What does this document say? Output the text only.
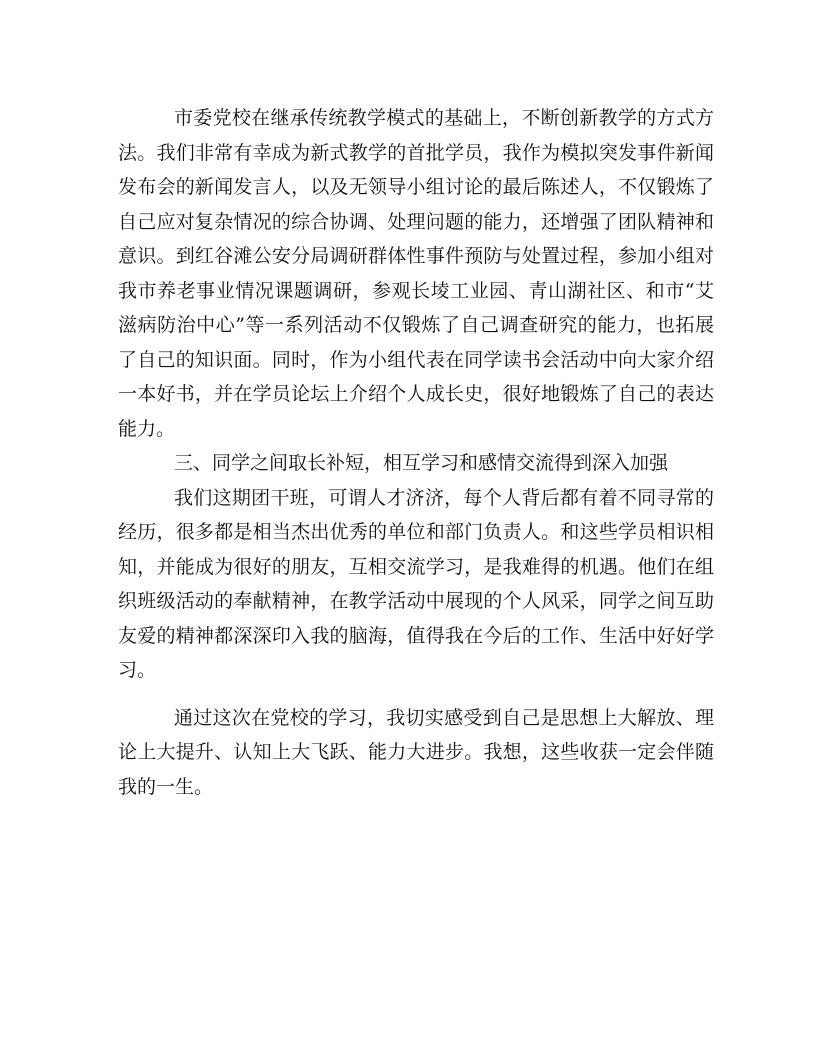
市委党校在继承传统教学模式的基础上，不断创新教学的方式方
法。我们非常有幸成为新式教学的首批学员，我作为模拟突发事件新闻
发布会的新闻发言人，以及无领导小组讨论的最后陈述人，不仅锻炼了
自己应对复杂情况的综合协调、处理问题的能力，还增强了团队精神和
意识。到红谷滩公安分局调研群体性事件预防与处置过程，参加小组对
我市养老事业情况课题调研，参观长堎工业园、青山湖社区、和市“艾
滋病防治中心”等一系列活动不仅锻炼了自己调查研究的能力，也拓展
了自己的知识面。同时，作为小组代表在同学读书会活动中向大家介绍
一本好书，并在学员论坛上介绍个人成长史，很好地锻炼了自己的表达
能力。
三、同学之间取长补短，相互学习和感情交流得到深入加强
我们这期团干班，可谓人才济济，每个人背后都有着不同寻常的
经历，很多都是相当杰出优秀的单位和部门负责人。和这些学员相识相
知，并能成为很好的朋友，互相交流学习，是我难得的机遇。他们在组
织班级活动的奉献精神，在教学活动中展现的个人风采，同学之间互助
友爱的精神都深深印入我的脑海，值得我在今后的工作、生活中好好学
习。
通过这次在党校的学习，我切实感受到自己是思想上大解放、理
论上大提升、认知上大飞跃、能力大进步。我想，这些收获一定会伴随
我的一生。
